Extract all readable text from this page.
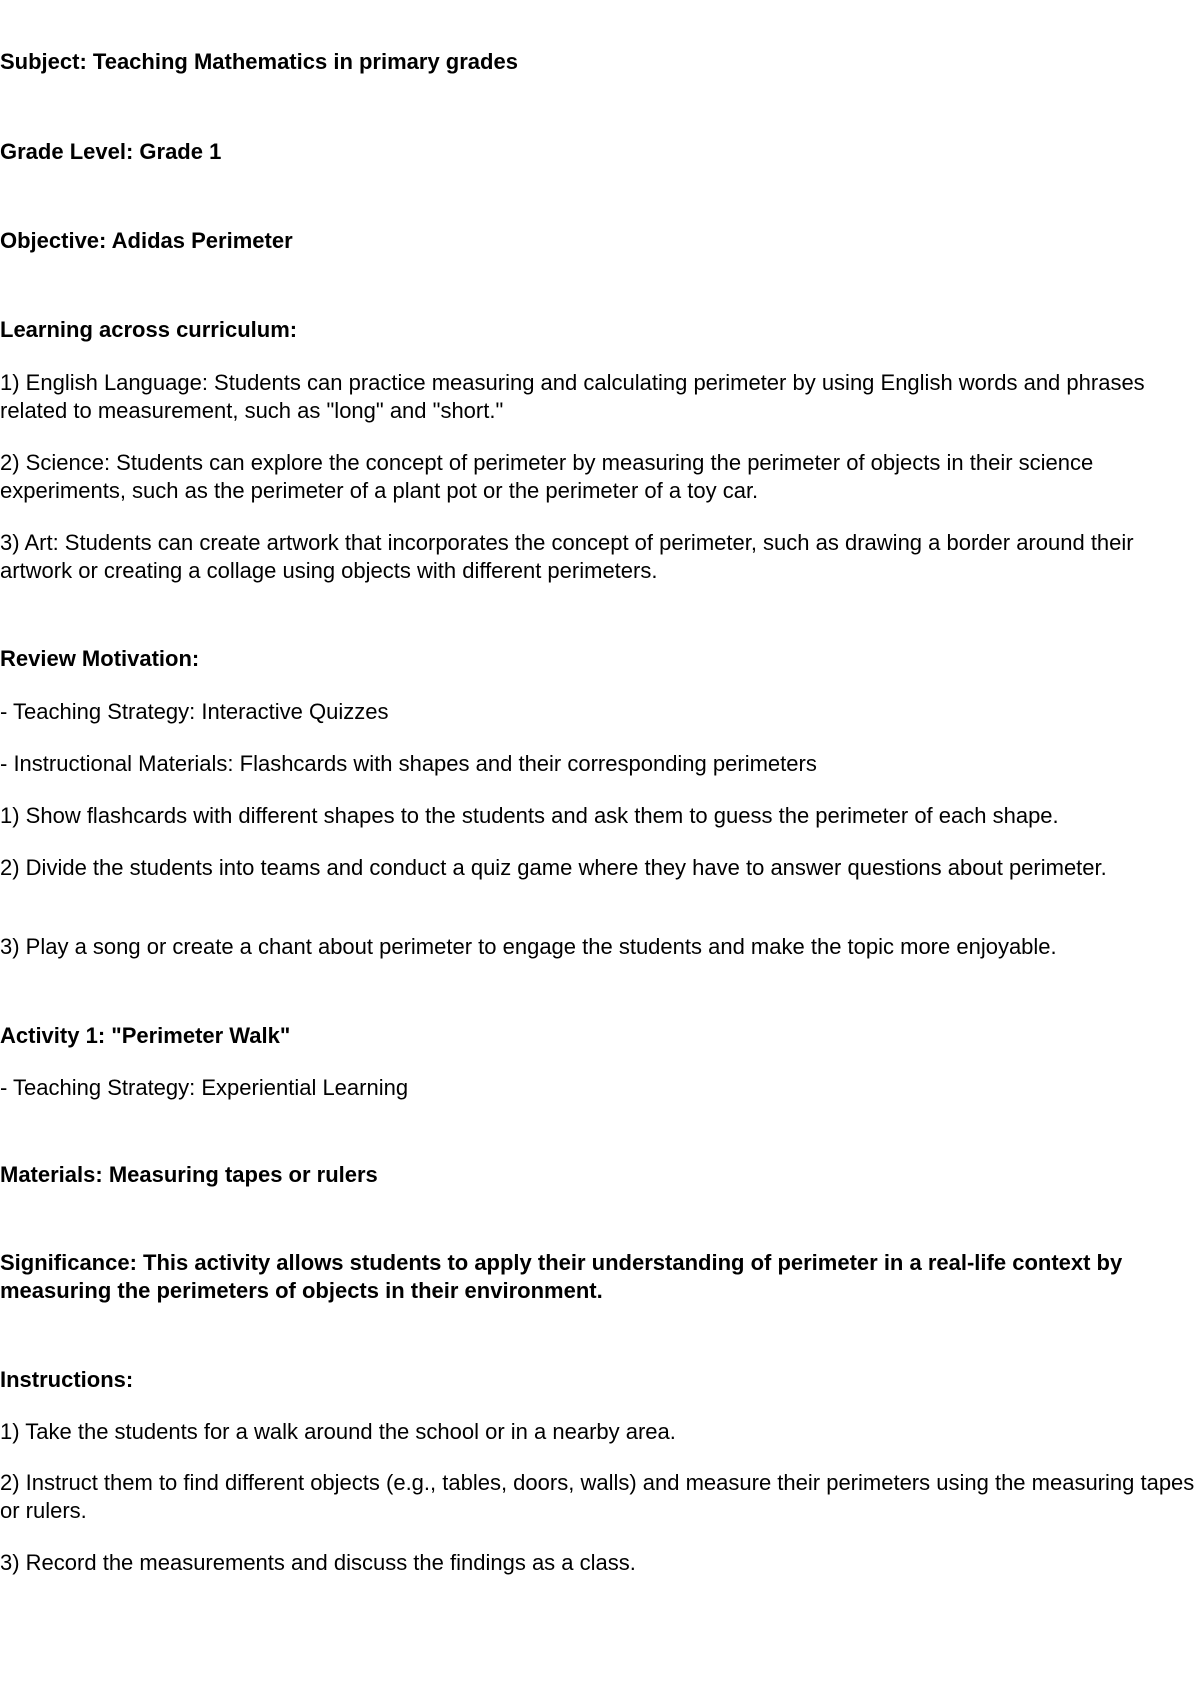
Subject: Teaching Mathematics in primary grades

Grade Level: Grade 1

Objective: Adidas Perimeter

Learning across curriculum:

1) English Language: Students can practice measuring and calculating perimeter by using English words and phrases related to measurement, such as "long" and "short."

2) Science: Students can explore the concept of perimeter by measuring the perimeter of objects in their science experiments, such as the perimeter of a plant pot or the perimeter of a toy car.

3) Art: Students can create artwork that incorporates the concept of perimeter, such as drawing a border around their artwork or creating a collage using objects with different perimeters.

Review Motivation:

- Teaching Strategy: Interactive Quizzes

- Instructional Materials: Flashcards with shapes and their corresponding perimeters

1) Show flashcards with different shapes to the students and ask them to guess the perimeter of each shape.

2) Divide the students into teams and conduct a quiz game where they have to answer questions about perimeter.

3) Play a song or create a chant about perimeter to engage the students and make the topic more enjoyable.

Activity 1: "Perimeter Walk"

- Teaching Strategy: Experiential Learning

Materials: Measuring tapes or rulers

Significance: This activity allows students to apply their understanding of perimeter in a real-life context by measuring the perimeters of objects in their environment.

Instructions:

1) Take the students for a walk around the school or in a nearby area.

2) Instruct them to find different objects (e.g., tables, doors, walls) and measure their perimeters using the measuring tapes or rulers.

3) Record the measurements and discuss the findings as a class.
